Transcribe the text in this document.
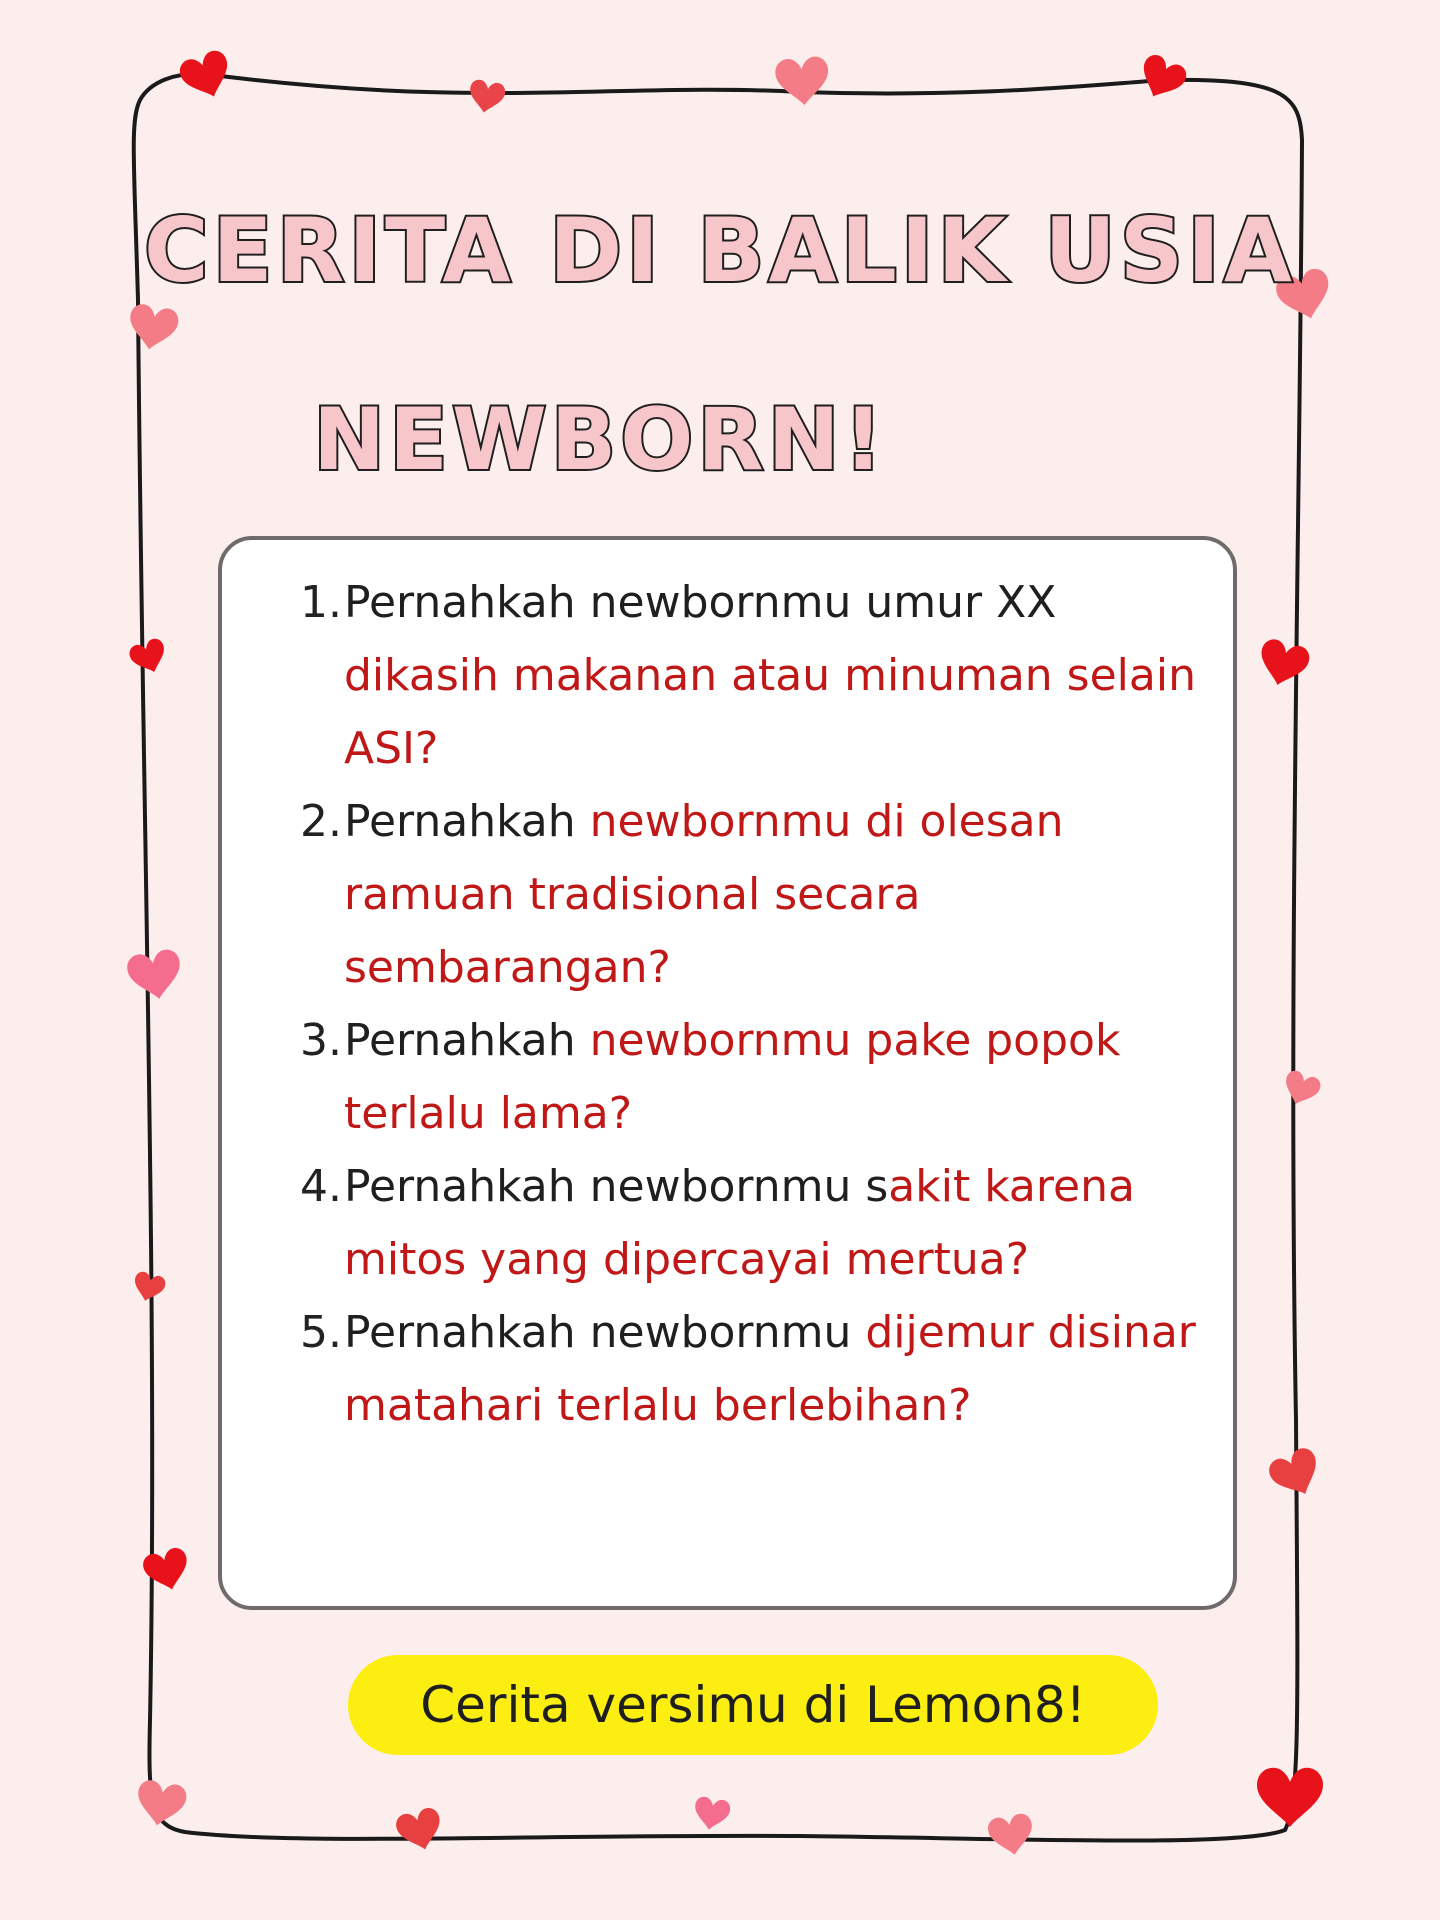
CERITA DI BALIK USIA
NEWBORN!
1. Pernahkah newbornmu umur XX dikasih makanan atau minuman selain ASI?
2. Pernahkah newbornmu di olesan ramuan tradisional secara sembarangan?
3. Pernahkah newbornmu pake popok terlalu lama?
4. Pernahkah newbornmu sakit karena mitos yang dipercayai mertua?
5. Pernahkah newbornmu dijemur disinar matahari terlalu berlebihan?
Cerita versimu di Lemon8!
